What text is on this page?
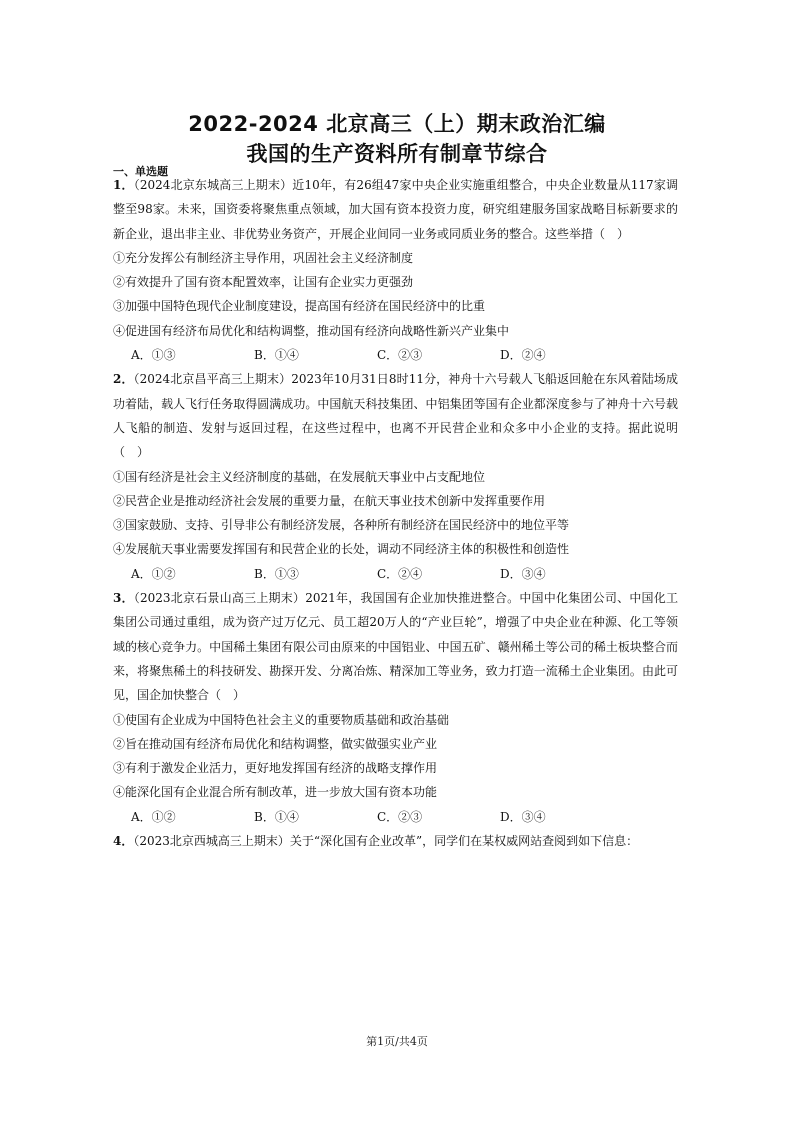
2022-2024 北京高三（上）期末政治汇编
我国的生产资料所有制章节综合
一、单选题
1．（2024北京东城高三上期末）近10年，有26组47家中央企业实施重组整合，中央企业数量从117家调整至98家。未来，国资委将聚焦重点领域，加大国有资本投资力度，研究组建服务国家战略目标新要求的新企业，退出非主业、非优势业务资产，开展企业间同一业务或同质业务的整合。这些举措（　）
①充分发挥公有制经济主导作用，巩固社会主义经济制度
②有效提升了国有资本配置效率，让国有企业实力更强劲
③加强中国特色现代企业制度建设，提高国有经济在国民经济中的比重
④促进国有经济布局优化和结构调整，推动国有经济向战略性新兴产业集中
A．①③	B．①④	C．②③	D．②④
2．（2024北京昌平高三上期末）2023年10月31日8时11分，神舟十六号载人飞船返回舱在东风着陆场成功着陆，载人飞行任务取得圆满成功。中国航天科技集团、中铝集团等国有企业都深度参与了神舟十六号载人飞船的制造、发射与返回过程，在这些过程中，也离不开民营企业和众多中小企业的支持。据此说明（　）
①国有经济是社会主义经济制度的基础，在发展航天事业中占支配地位
②民营企业是推动经济社会发展的重要力量，在航天事业技术创新中发挥重要作用
③国家鼓励、支持、引导非公有制经济发展，各种所有制经济在国民经济中的地位平等
④发展航天事业需要发挥国有和民营企业的长处，调动不同经济主体的积极性和创造性
A．①②	B．①③	C．②④	D．③④
3．（2023北京石景山高三上期末）2021年，我国国有企业加快推进整合。中国中化集团公司、中国化工集团公司通过重组，成为资产过万亿元、员工超20万人的“产业巨轮”，增强了中央企业在种源、化工等领域的核心竞争力。中国稀土集团有限公司由原来的中国铝业、中国五矿、赣州稀土等公司的稀土板块整合而来，将聚焦稀土的科技研发、勘探开发、分离冶炼、精深加工等业务，致力打造一流稀土企业集团。由此可见，国企加快整合（　）
①使国有企业成为中国特色社会主义的重要物质基础和政治基础
②旨在推动国有经济布局优化和结构调整，做实做强实业产业
③有利于激发企业活力，更好地发挥国有经济的战略支撑作用
④能深化国有企业混合所有制改革，进一步放大国有资本功能
A．①②	B．①④	C．②③	D．③④
4．（2023北京西城高三上期末）关于“深化国有企业改革”，同学们在某权威网站查阅到如下信息：
第1页/共4页
